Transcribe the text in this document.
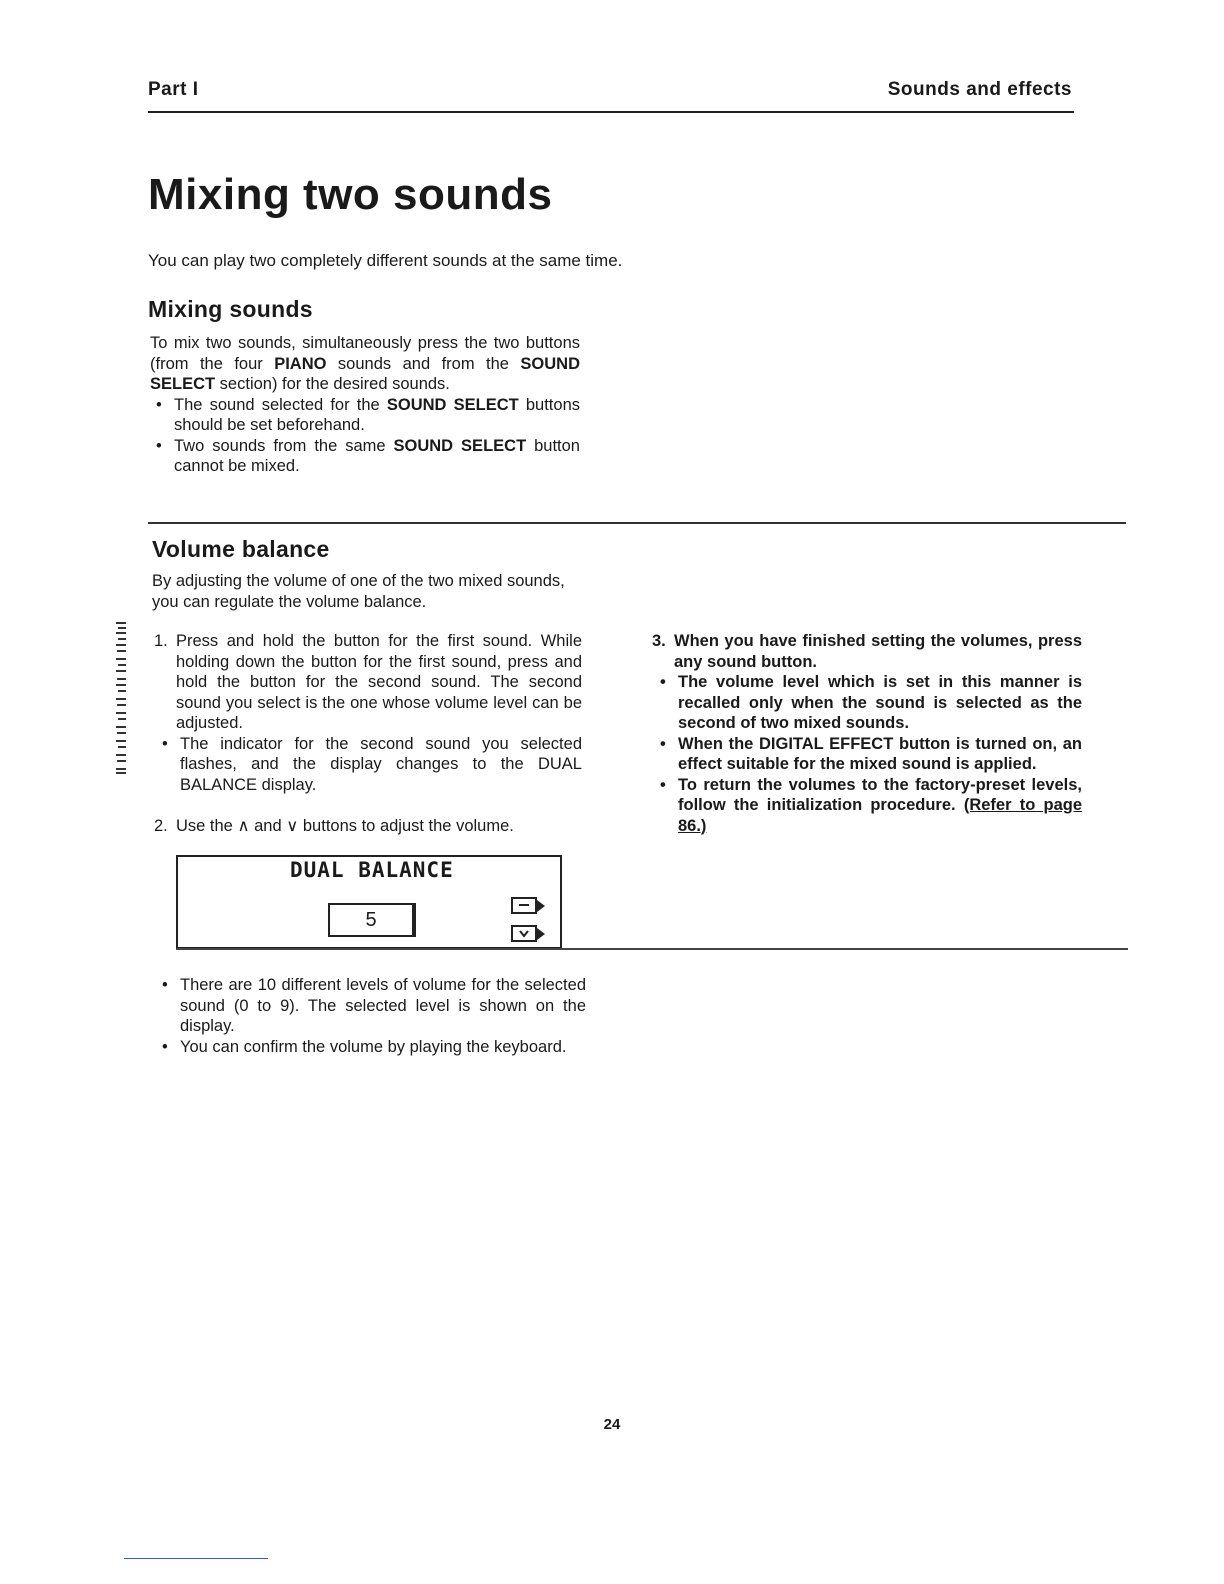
Part I	Sounds and effects
Mixing two sounds

You can play two completely different sounds at the same time.

Mixing sounds

To mix two sounds, simultaneously press the two buttons (from the four PIANO sounds and from the SOUND SELECT section) for the desired sounds.

• The sound selected for the SOUND SELECT buttons should be set beforehand.
• Two sounds from the same SOUND SELECT button cannot be mixed.
Volume balance

By adjusting the volume of one of the two mixed sounds, you can regulate the volume balance.

1. Press and hold the button for the first sound. While holding down the button for the first sound, press and hold the button for the second sound. The second sound you select is the one whose volume level can be adjusted.
• The indicator for the second sound you selected flashes, and the display changes to the DUAL BALANCE display.
2. Use the ∧ and ∨ buttons to adjust the volume.
3. When you have finished setting the volumes, press any sound button.
• The volume level which is set in this manner is recalled only when the sound is selected as the second of two mixed sounds.
• When the DIGITAL EFFECT button is turned on, an effect suitable for the mixed sound is applied.
• To return the volumes to the factory-preset levels, follow the initialization procedure. (Refer to page 86.)
DUAL BALANCE
5
• There are 10 different levels of volume for the selected sound (0 to 9). The selected level is shown on the display.
• You can confirm the volume by playing the keyboard.
24
